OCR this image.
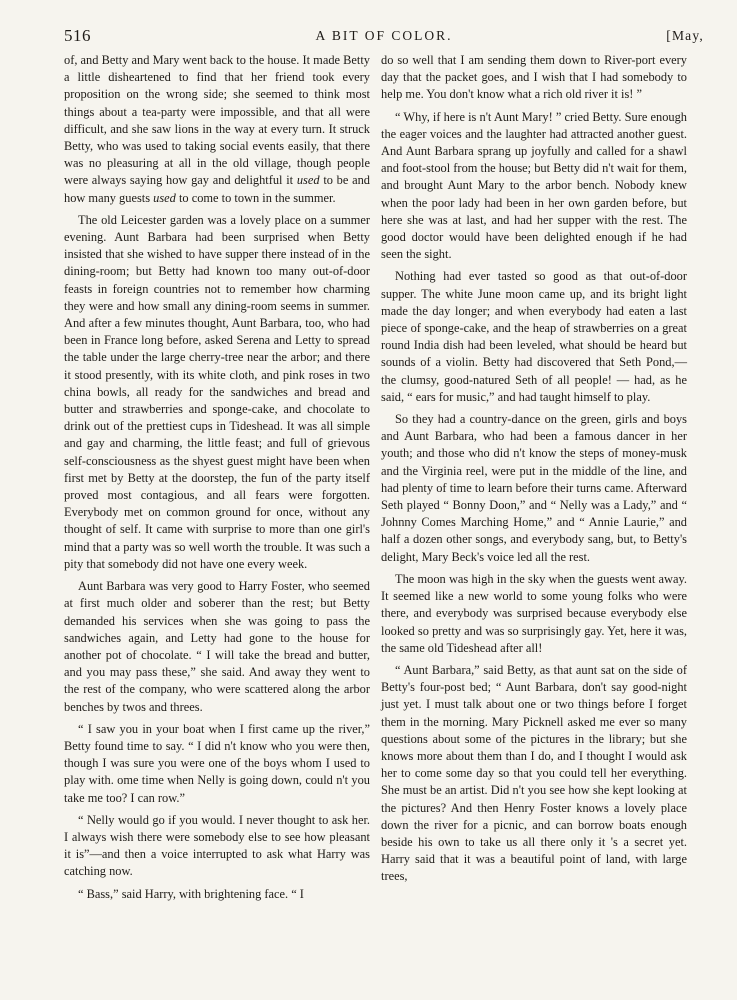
516	A BIT OF COLOR.	[May,

of, and Betty and Mary went back to the house. It made Betty a little disheartened to find that her friend took every proposition on the wrong side; she seemed to think most things about a tea-party were impossible, and that all were difficult, and she saw lions in the way at every turn. It struck Betty, who was used to taking social events easily, that there was no pleasuring at all in the old village, though people were always saying how gay and delightful it used to be and how many guests used to come to town in the summer.

The old Leicester garden was a lovely place on a summer evening. Aunt Barbara had been surprised when Betty insisted that she wished to have supper there instead of in the dining-room; but Betty had known too many out-of-door feasts in foreign countries not to remember how charming they were and how small any dining-room seems in summer. And after a few minutes thought, Aunt Barbara, too, who had been in France long before, asked Serena and Letty to spread the table under the large cherry-tree near the arbor; and there it stood presently, with its white cloth, and pink roses in two china bowls, all ready for the sandwiches and bread and butter and strawberries and sponge-cake, and chocolate to drink out of the prettiest cups in Tideshead. It was all simple and gay and charming, the little feast; and full of grievous self-consciousness as the shyest guest might have been when first met by Betty at the doorstep, the fun of the party itself proved most contagious, and all fears were forgotten. Everybody met on common ground for once, without any thought of self. It came with surprise to more than one girl's mind that a party was so well worth the trouble. It was such a pity that somebody did not have one every week.

Aunt Barbara was very good to Harry Foster, who seemed at first much older and soberer than the rest; but Betty demanded his services when she was going to pass the sandwiches again, and Letty had gone to the house for another pot of chocolate. “ I will take the bread and butter, and you may pass these,” she said. And away they went to the rest of the company, who were scattered along the arbor benches by twos and threes.

“ I saw you in your boat when I first came up the river,” Betty found time to say. “ I did n't know who you were then, though I was sure you were one of the boys whom I used to play with. ome time when Nelly is going down, could n't you take me too? I can row.”

“ Nelly would go if you would. I never thought to ask her. I always wish there were somebody else to see how pleasant it is”—and then a voice interrupted to ask what Harry was catching now.

“ Bass,” said Harry, with brightening face. “ I

do so well that I am sending them down to River-port every day that the packet goes, and I wish that I had somebody to help me. You don't know what a rich old river it is! ”

“ Why, if here is n't Aunt Mary! ” cried Betty. Sure enough the eager voices and the laughter had attracted another guest. And Aunt Barbara sprang up joyfully and called for a shawl and foot-stool from the house; but Betty did n't wait for them, and brought Aunt Mary to the arbor bench. Nobody knew when the poor lady had been in her own garden before, but here she was at last, and had her supper with the rest. The good doctor would have been delighted enough if he had seen the sight.

Nothing had ever tasted so good as that out-of-door supper. The white June moon came up, and its bright light made the day longer; and when everybody had eaten a last piece of sponge-cake, and the heap of strawberries on a great round India dish had been leveled, what should be heard but sounds of a violin. Betty had discovered that Seth Pond,— the clumsy, good-natured Seth of all people! — had, as he said, “ ears for music,” and had taught himself to play.

So they had a country-dance on the green, girls and boys and Aunt Barbara, who had been a famous dancer in her youth; and those who did n't know the steps of money-musk and the Virginia reel, were put in the middle of the line, and had plenty of time to learn before their turns came. Afterward Seth played “ Bonny Doon,” and “ Nelly was a Lady,” and “ Johnny Comes Marching Home,” and “ Annie Laurie,” and half a dozen other songs, and everybody sang, but, to Betty's delight, Mary Beck's voice led all the rest.

The moon was high in the sky when the guests went away. It seemed like a new world to some young folks who were there, and everybody was surprised because everybody else looked so pretty and was so surprisingly gay. Yet, here it was, the same old Tideshead after all!

“ Aunt Barbara,” said Betty, as that aunt sat on the side of Betty's four-post bed; “ Aunt Barbara, don't say good-night just yet. I must talk about one or two things before I forget them in the morning. Mary Picknell asked me ever so many questions about some of the pictures in the library; but she knows more about them than I do, and I thought I would ask her to come some day so that you could tell her everything. She must be an artist. Did n't you see how she kept looking at the pictures? And then Henry Foster knows a lovely place down the river for a picnic, and can borrow boats enough beside his own to take us all there only it 's a secret yet. Harry said that it was a beautiful point of land, with large trees,
